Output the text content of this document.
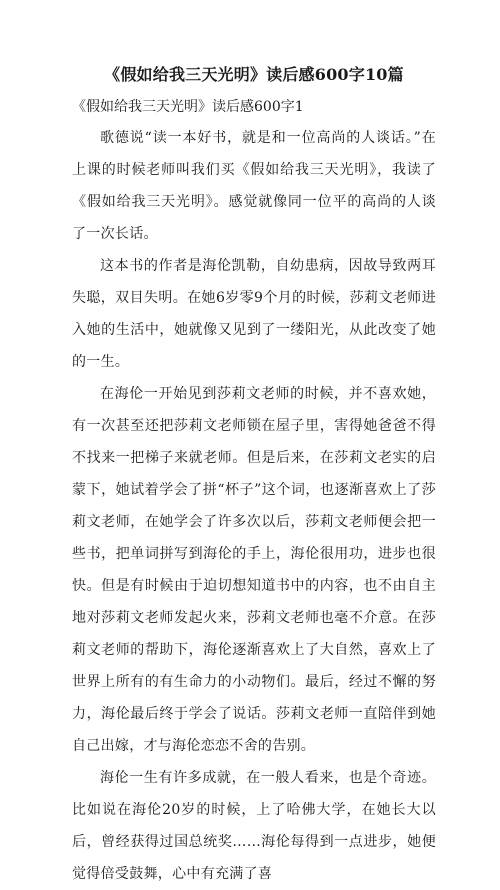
《假如给我三天光明》读后感600字10篇
《假如给我三天光明》读后感600字1

歌德说“读一本好书，就是和一位高尚的人谈话。”在上课的时候老师叫我们买《假如给我三天光明》，我读了《假如给我三天光明》。感觉就像同一位平的高尚的人谈了一次长话。

这本书的作者是海伦凯勒，自幼患病，因故导致两耳失聪，双目失明。在她6岁零9个月的时候，莎莉文老师进入她的生活中，她就像又见到了一缕阳光，从此改变了她的一生。

在海伦一开始见到莎莉文老师的时候，并不喜欢她，有一次甚至还把莎莉文老师锁在屋子里，害得她爸爸不得不找来一把梯子来就老师。但是后来，在莎莉文老实的启蒙下，她试着学会了拼“杯子”这个词，也逐渐喜欢上了莎莉文老师，在她学会了许多次以后，莎莉文老师便会把一些书，把单词拼写到海伦的手上，海伦很用功，进步也很快。但是有时候由于迫切想知道书中的内容，也不由自主地对莎莉文老师发起火来，莎莉文老师也毫不介意。在莎莉文老师的帮助下，海伦逐渐喜欢上了大自然，喜欢上了世界上所有的有生命力的小动物们。最后，经过不懈的努力，海伦最后终于学会了说话。莎莉文老师一直陪伴到她自己出嫁，才与海伦恋恋不舍的告别。

海伦一生有许多成就，在一般人看来，也是个奇迹。比如说在海伦20岁的时候，上了哈佛大学，在她长大以后，曾经获得过国总统奖……海伦每得到一点进步，她便觉得倍受鼓舞，心中有充满了喜
